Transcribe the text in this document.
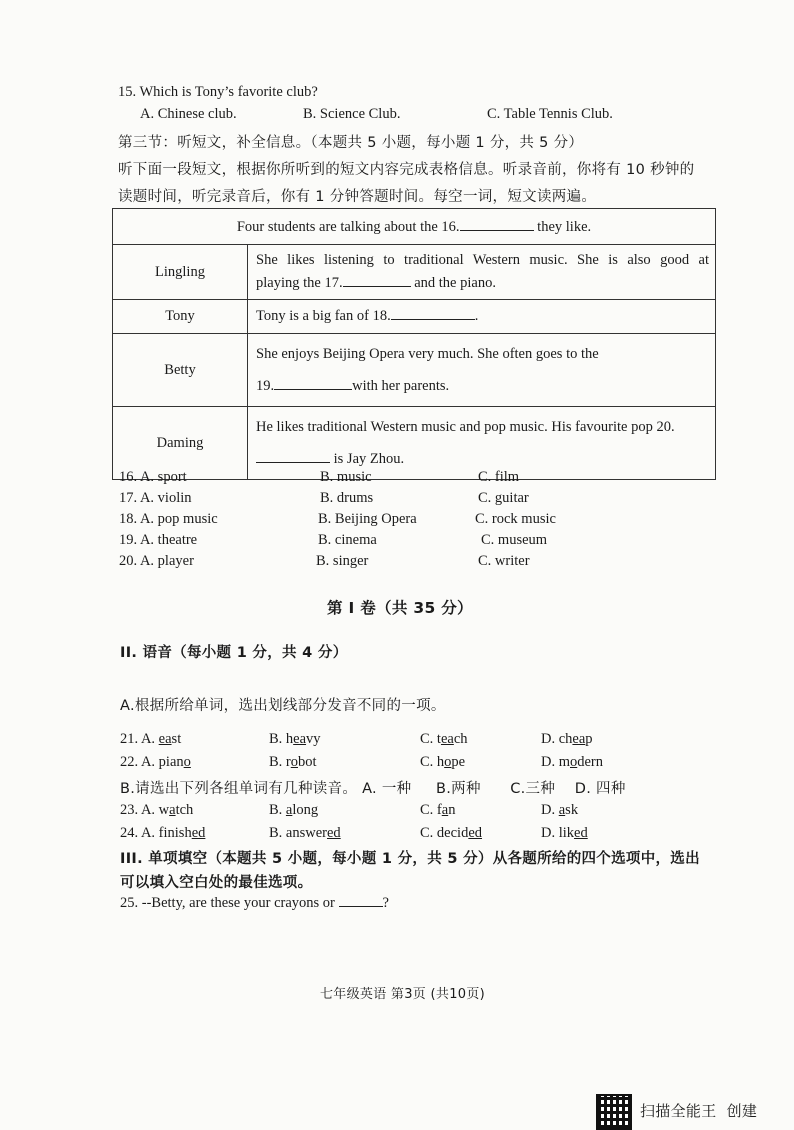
15. Which is Tony’s favorite club?
A. Chinese club.	B. Science Club.	C. Table Tennis Club.
第三节：听短文，补全信息。（本题共 5 小题，每小题 1 分，共 5 分）
听下面一段短文，根据你所听到的短文内容完成表格信息。听录音前，你将有 10 秒钟的
读题时间，听完录音后，你有 1 分钟答题时间。每空一词，短文读两遍。
Four students are talking about the 16. they like.	
Lingling	She likes listening to traditional Western music. She is also good at
playing the 17. and the piano.

Tony	Tony is a big fan of 18. .
Betty	She enjoys Beijing Opera very much. She often goes to the
19. with her parents.

Daming	He likes traditional Western music and pop music. His favourite pop 20.
is Jay Zhou.
16. A. sport	B. music	C. film
17. A. violin	B. drums	C. guitar
18. A. pop music	B. Beijing Opera	C. rock music
19. A. theatre	B. cinema	C. museum
20. A. player	B. singer	C. writer
第 I 卷（共 35 分）
II. 语音（每小题 1 分，共 4 分）
A.根据所给单词，选出划线部分发音不同的一项。
21. A. east	B. heavy	C. teach	D. cheap
22. A. piano	B. robot	C. hope	D. modern
B.请选出下列各组单词有几种读音。 A. 一种     B.两种      C.三种    D. 四种
23. A. watch	B. along	C. fan	D. ask
24. A. finished	B. answered	C. decided	D. liked
III. 单项填空（本题共 5 小题，每小题 1 分，共 5 分）从各题所给的四个选项中，选出
可以填入空白处的最佳选项。
25. --Betty, are these your crayons or	?
七年级英语 第3页 (共10页)
扫描全能王  创建
